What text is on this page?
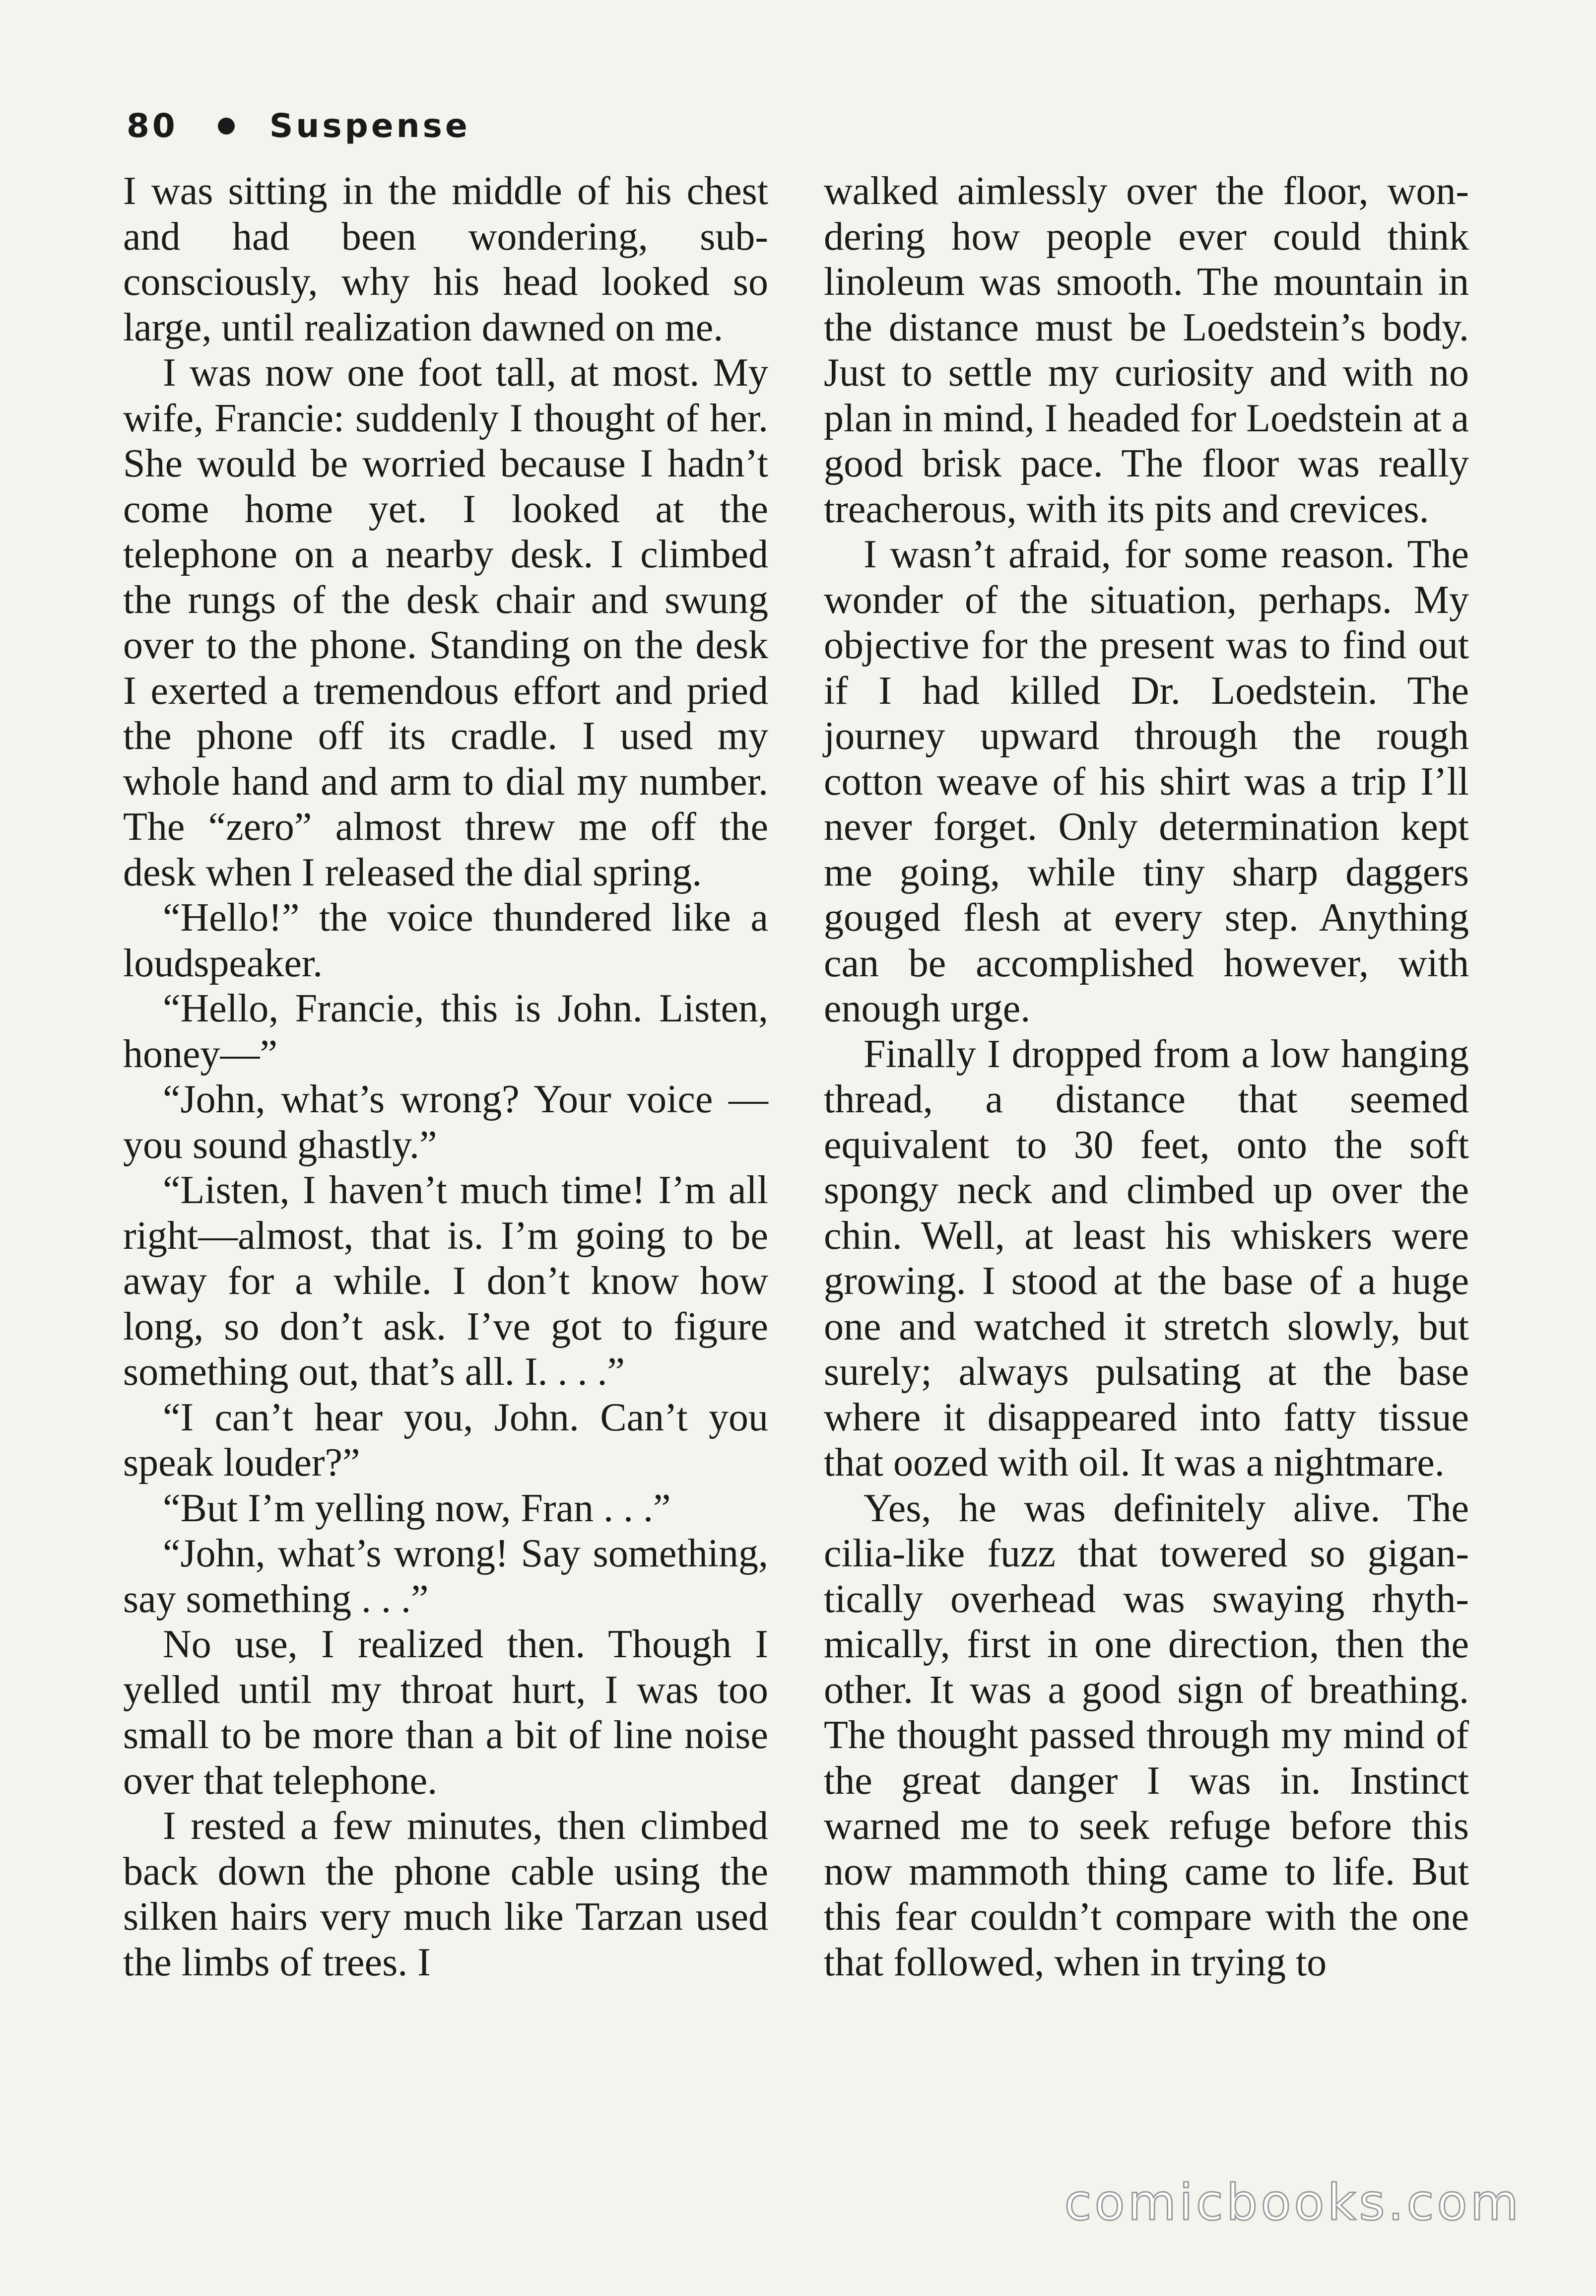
80	Suspense

I was sitting in the middle of his chest and had been wondering, subconsciously, why his head looked so large, until realization dawned on me.

I was now one foot tall, at most. My wife, Francie: suddenly I thought of her. She would be worried because I hadn’t come home yet. I looked at the telephone on a nearby desk. I climbed the rungs of the desk chair and swung over to the phone. Standing on the desk I exerted a tremendous effort and pried the phone off its cradle. I used my whole hand and arm to dial my number. The “zero” almost threw me off the desk when I released the dial spring.

“Hello!” the voice thundered like a loudspeaker.

“Hello, Francie, this is John. Listen, honey—”

“John, what’s wrong? Your voice —you sound ghastly.”

“Listen, I haven’t much time! I’m all right—almost, that is. I’m going to be away for a while. I don’t know how long, so don’t ask. I’ve got to figure something out, that’s all. I. . . .”

“I can’t hear you, John. Can’t you speak louder?”

“But I’m yelling now, Fran . . .”

“John, what’s wrong! Say something, say something . . .”

No use, I realized then. Though I yelled until my throat hurt, I was too small to be more than a bit of line noise over that telephone.

I rested a few minutes, then climbed back down the phone cable using the silken hairs very much like Tarzan used the limbs of trees. I

walked aimlessly over the floor, wondering how people ever could think linoleum was smooth. The mountain in the distance must be Loedstein’s body. Just to settle my curiosity and with no plan in mind, I headed for Loedstein at a good brisk pace. The floor was really treacherous, with its pits and crevices.

I wasn’t afraid, for some reason. The wonder of the situation, perhaps. My objective for the present was to find out if I had killed Dr. Loedstein. The journey upward through the rough cotton weave of his shirt was a trip I’ll never forget. Only determination kept me going, while tiny sharp daggers gouged flesh at every step. Anything can be accomplished however, with enough urge.

Finally I dropped from a low hanging thread, a distance that seemed equivalent to 30 feet, onto the soft spongy neck and climbed up over the chin. Well, at least his whiskers were growing. I stood at the base of a huge one and watched it stretch slowly, but surely; always pulsating at the base where it disappeared into fatty tissue that oozed with oil. It was a nightmare.

Yes, he was definitely alive. The cilia-like fuzz that towered so gigantically overhead was swaying rhythmically, first in one direction, then the other. It was a good sign of breathing. The thought passed through my mind of the great danger I was in. Instinct warned me to seek refuge before this now mammoth thing came to life. But this fear couldn’t compare with the one that followed, when in trying to

comicbooks.com
